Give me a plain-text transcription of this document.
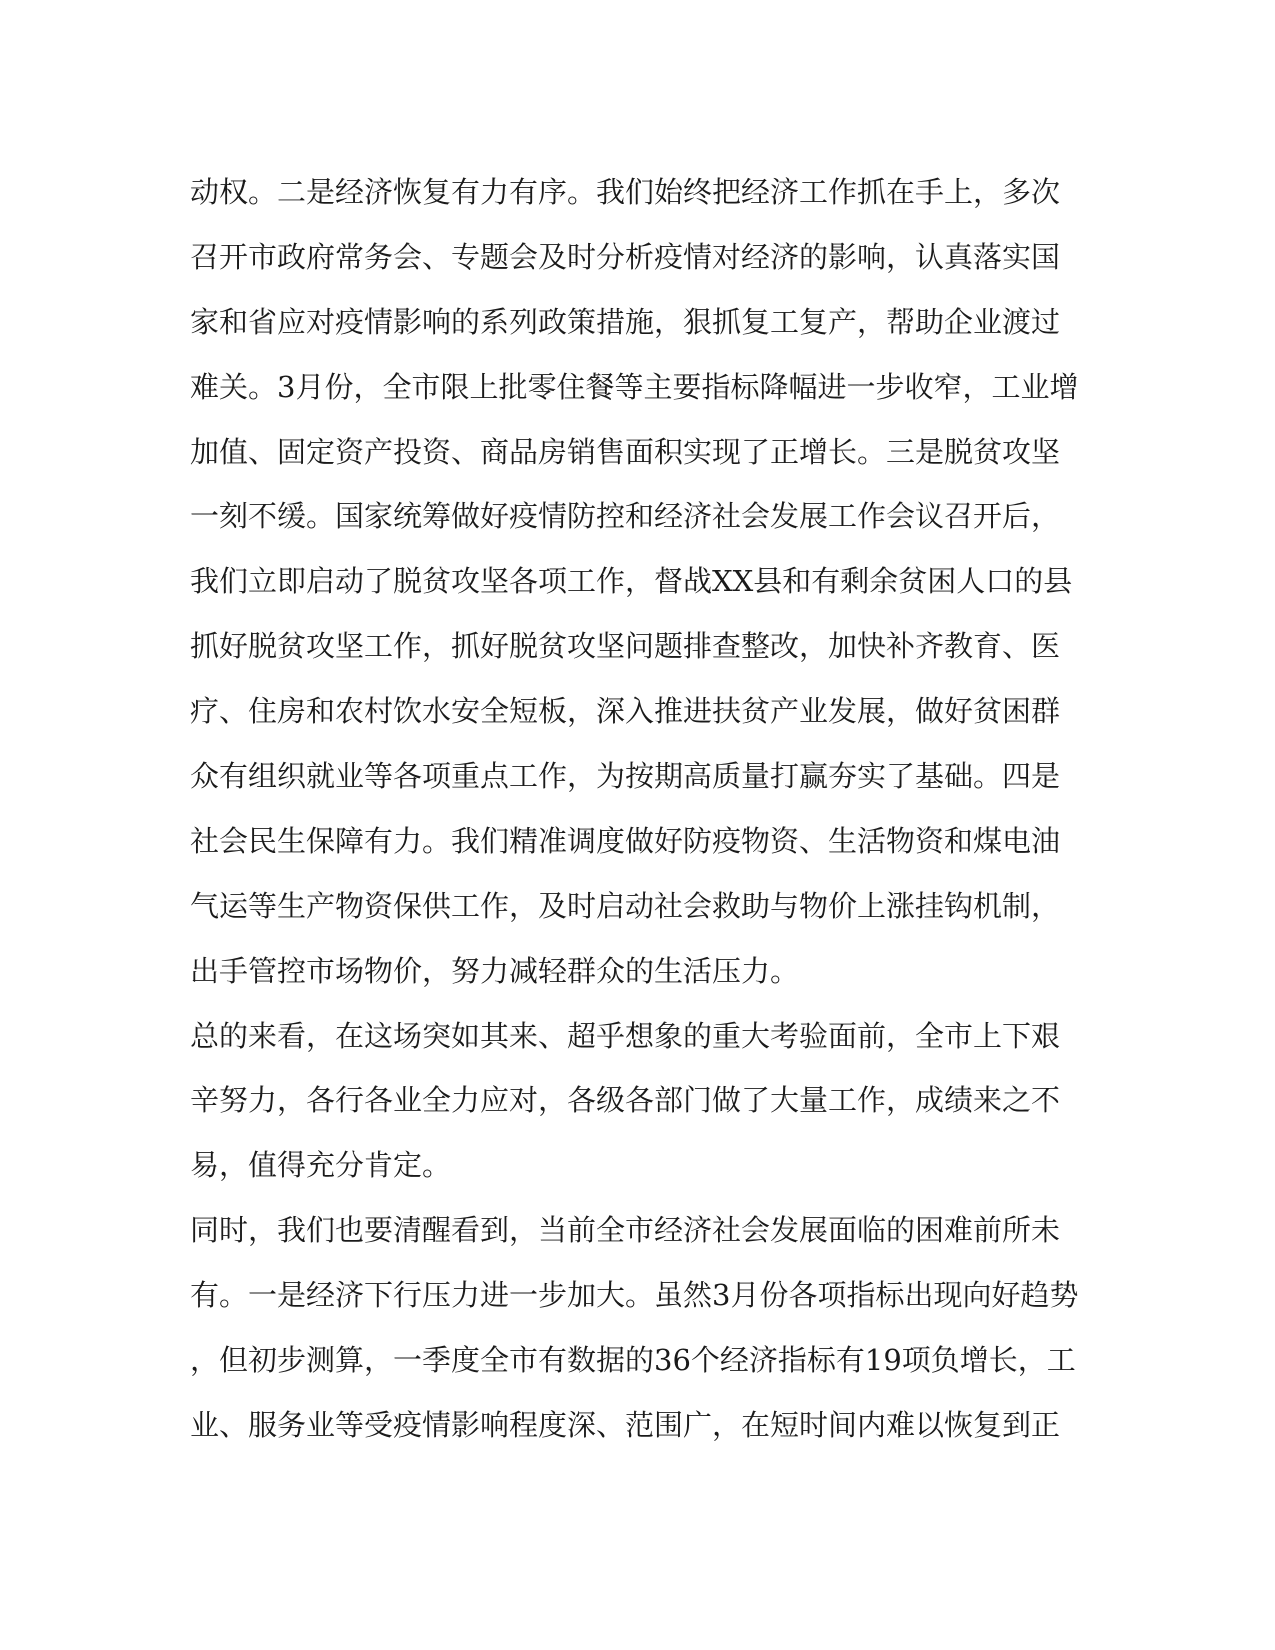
动权。二是经济恢复有力有序。我们始终把经济工作抓在手上，多次
召开市政府常务会、专题会及时分析疫情对经济的影响，认真落实国
家和省应对疫情影响的系列政策措施，狠抓复工复产，帮助企业渡过
难关。3月份，全市限上批零住餐等主要指标降幅进一步收窄，工业增
加值、固定资产投资、商品房销售面积实现了正增长。三是脱贫攻坚
一刻不缓。国家统筹做好疫情防控和经济社会发展工作会议召开后，
我们立即启动了脱贫攻坚各项工作，督战XX县和有剩余贫困人口的县
抓好脱贫攻坚工作，抓好脱贫攻坚问题排查整改，加快补齐教育、医
疗、住房和农村饮水安全短板，深入推进扶贫产业发展，做好贫困群
众有组织就业等各项重点工作，为按期高质量打赢夯实了基础。四是
社会民生保障有力。我们精准调度做好防疫物资、生活物资和煤电油
气运等生产物资保供工作，及时启动社会救助与物价上涨挂钩机制，
出手管控市场物价，努力减轻群众的生活压力。
总的来看，在这场突如其来、超乎想象的重大考验面前，全市上下艰
辛努力，各行各业全力应对，各级各部门做了大量工作，成绩来之不
易，值得充分肯定。
同时，我们也要清醒看到，当前全市经济社会发展面临的困难前所未
有。一是经济下行压力进一步加大。虽然3月份各项指标出现向好趋势
，但初步测算，一季度全市有数据的36个经济指标有19项负增长，工
业、服务业等受疫情影响程度深、范围广，在短时间内难以恢复到正
